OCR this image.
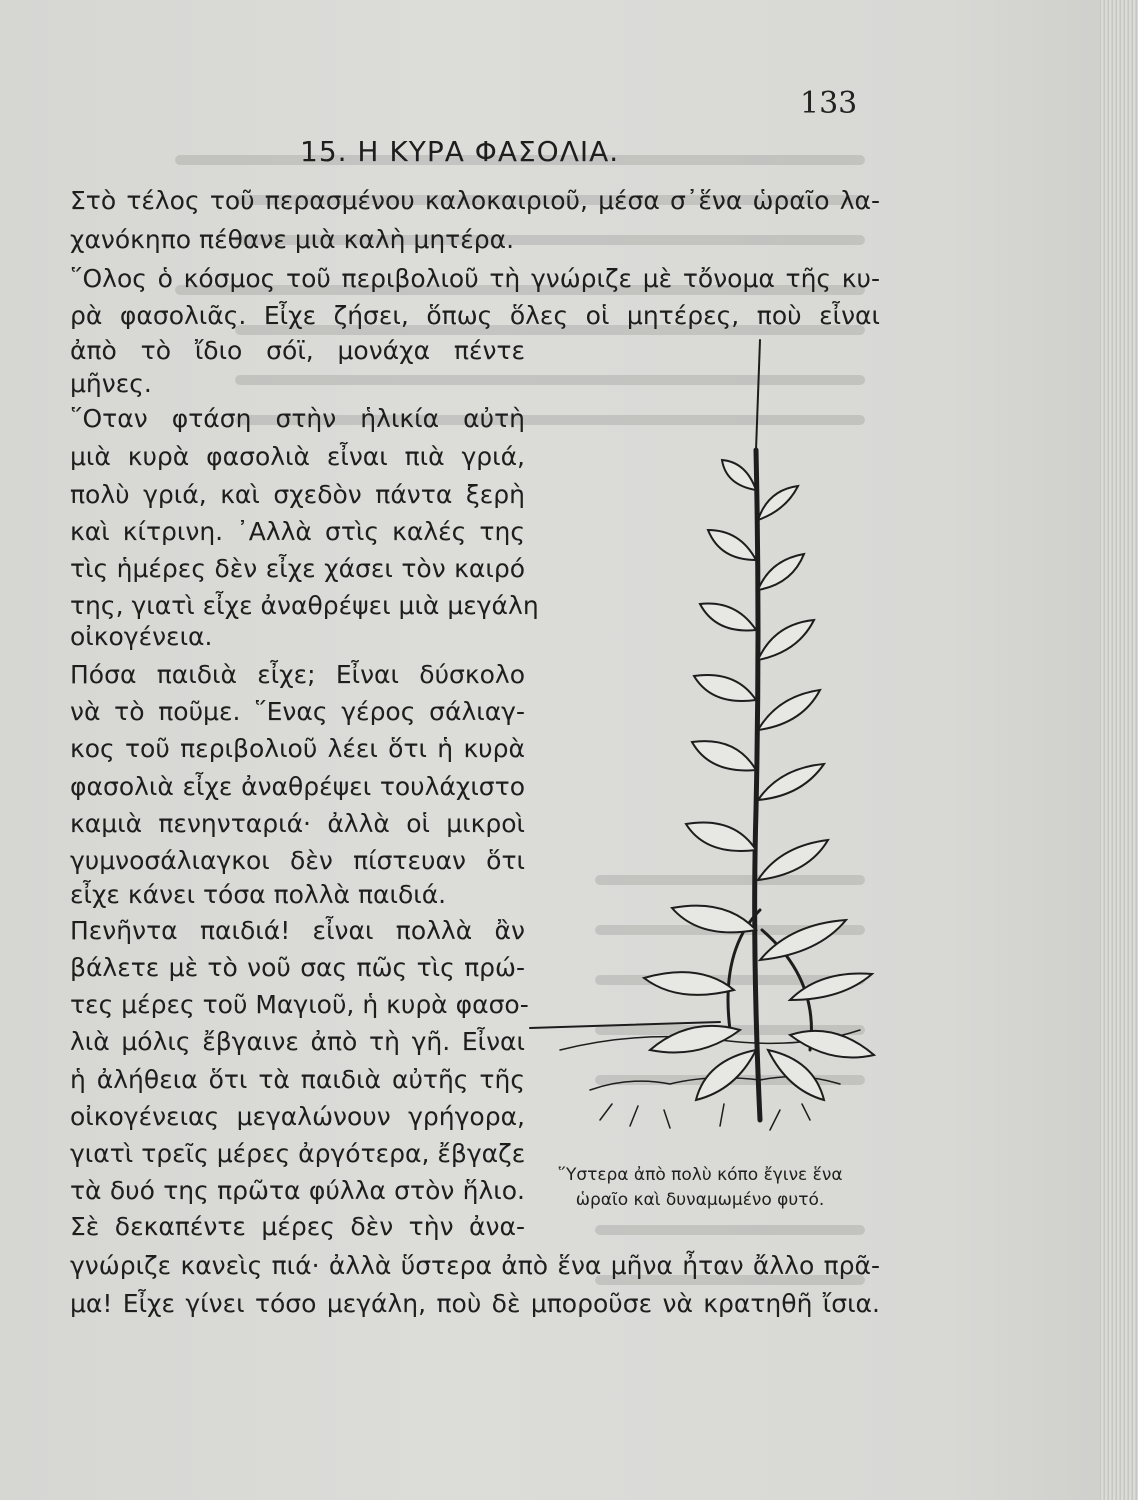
133
15. Η ΚΥΡΑ ΦΑΣΟΛΙΑ.
Στὸ τέλος τοῦ περασμένου καλοκαιριοῦ, μέσα σ᾽ἕνα ὡραῖο λα-
χανόκηπο πέθανε μιὰ καλὴ μητέρα.
῞Ολος ὁ κόσμος τοῦ περιβολιοῦ τὴ γνώριζε μὲ τὄνομα τῆς κυ-
ρὰ φασολιᾶς. Εἶχε ζήσει, ὅπως ὅλες οἱ μητέρες, ποὺ εἶναι
ἀπὸ τὸ ἴδιο σόϊ, μονάχα πέντε
μῆνες.
῞Οταν φτάση στὴν ἡλικία αὐτὴ
μιὰ κυρὰ φασολιὰ εἶναι πιὰ γριά,
πολὺ γριά, καὶ σχεδὸν πάντα ξερὴ
καὶ κίτρινη. ᾽Αλλὰ στὶς καλές της
τὶς ἡμέρες δὲν εἶχε χάσει τὸν καιρό
της, γιατὶ εἶχε ἀναθρέψει μιὰ μεγάλη
οἰκογένεια.
Πόσα παιδιὰ εἶχε; Εἶναι δύσκολο
νὰ τὸ ποῦμε. ῞Ενας γέρος σάλιαγ-
κος τοῦ περιβολιοῦ λέει ὅτι ἡ κυρὰ
φασολιὰ εἶχε ἀναθρέψει τουλάχιστο
καμιὰ πενηνταριά· ἀλλὰ οἱ μικροὶ
γυμνοσάλιαγκοι δὲν πίστευαν ὅτι
εἶχε κάνει τόσα πολλὰ παιδιά.
Πενῆντα παιδιά! εἶναι πολλὰ ἂν
βάλετε μὲ τὸ νοῦ σας πῶς τὶς πρώ-
τες μέρες τοῦ Μαγιοῦ, ἡ κυρὰ φασο-
λιὰ μόλις ἔβγαινε ἀπὸ τὴ γῆ. Εἶναι
ἡ ἀλήθεια ὅτι τὰ παιδιὰ αὐτῆς τῆς
οἰκογένειας μεγαλώνουν γρήγορα,
γιατὶ τρεῖς μέρες ἀργότερα, ἔβγαζε
τὰ δυό της πρῶτα φύλλα στὸν ἥλιο.
Σὲ δεκαπέντε μέρες δὲν τὴν ἀνα-
γνώριζε κανεὶς πιά· ἀλλὰ ὕστερα ἀπὸ ἕνα μῆνα ἦταν ἄλλο πρᾶ-
μα! Εἶχε γίνει τόσο μεγάλη, ποὺ δὲ μποροῦσε νὰ κρατηθῆ ἴσια.
῞Υστερα ἀπὸ πολὺ κόπο ἔγινε ἕνα
ὡραῖο καὶ δυναμωμένο φυτό.
